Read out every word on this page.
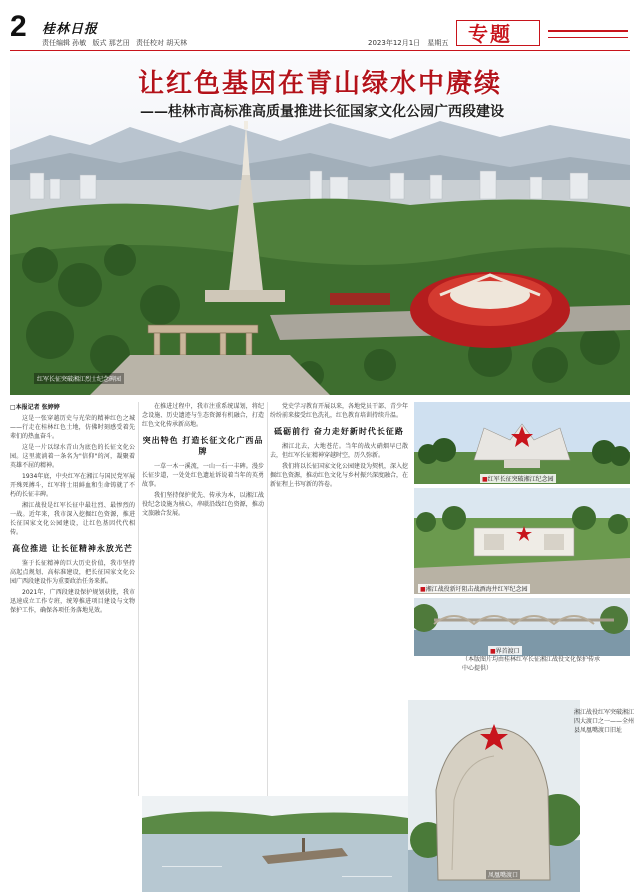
2 桂林日报
责任编辑 孙敏 版式 那艺田 责任校对 胡天林	2023年12月1日 星期五 专题
让红色基因在青山绿水中赓续
——桂林市高标准高质量推进长征国家文化公园广西段建设
红军长征突破湘江烈士纪念碑园
□本报记者 张婷婷

这是一张穿越历史与光荣的精神红色之城——行走在桂林红色土地，仿佛时刻感受着先辈们的热血奋斗。

这是一片以绿水青山为底色的长征文化公园。这里流淌着一条名为"信仰"的河，凝聚着英雄不屈的精神。

1934年底，中央红军在湘江与国民党军展开殊死搏斗，红军将士用鲜血和生命铸就了不朽的长征丰碑。

湘江战役是红军长征中最壮烈、最惨烈的一战。近年来，我市深入挖掘红色资源，推进长征国家文化公园建设，让红色基因代代相传。

高位推进 让长征精神永放光芒

鉴于长征精神的巨大历史价值，我市坚持高起点规划、高标准建设，把长征国家文化公园广西段建设作为重要政治任务来抓。

2021年，广西段建设保护规划获批，我市迅速成立工作专班，统筹推进项目建设与文物保护工作，确保各项任务落地见效。

在推进过程中，我市注重系统谋划，将纪念设施、历史遗迹与生态资源有机融合，打造红色文化传承新高地。

突出特色 打造长征文化广西品牌

一草一木一溪流，一山一石一丰碑。漫步长征步道，一处处红色遗址诉说着当年的英勇故事。

我们坚持保护优先、传承为本，以湘江战役纪念设施为核心，串联沿线红色资源，推动文旅融合发展。

党史学习教育开展以来，各地党员干部、青少年纷纷前来接受红色洗礼，红色教育培训持续升温。

砥砺前行 奋力走好新时代长征路

湘江北去，大地苍茫。当年的战火硝烟早已散去，但红军长征精神穿越时空，历久弥新。

我们将以长征国家文化公园建设为契机，深入挖掘红色资源，推动红色文化与乡村振兴深度融合，在新征程上书写新的答卷。

■红军长征突破湘江纪念园
■湘江战役新圩阻击战酒海井红军纪念园
■界首渡口
（本版图片均由桂林红军长征湘江战役文化保护传承中心提供）
湘江战役红军突破湘江四大渡口之一——全州县凤凰嘴渡口旧址
凤凰嘴渡口
